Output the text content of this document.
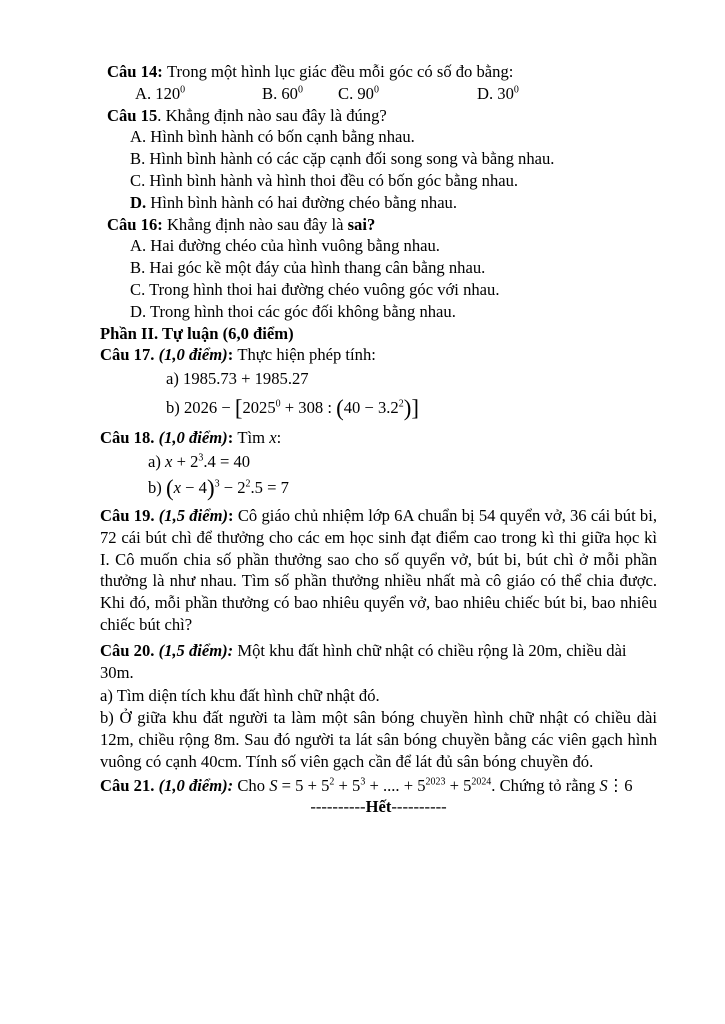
Câu 14: Trong một hình lục giác đều mỗi góc có số đo bằng:

A. $120^0$	B. $60^0$ C. $90^0$	D. $30^0$

Câu 15. Khẳng định nào sau đây là đúng?

A. Hình bình hành có bốn cạnh bằng nhau.

B. Hình bình hành có các cặp cạnh đối song song và bằng nhau.

C. Hình bình hành và hình thoi đều có bốn góc bằng nhau.

D. Hình bình hành có hai đường chéo bằng nhau.

Câu 16: Khẳng định nào sau đây là sai?

A. Hai đường chéo của hình vuông bằng nhau.

B. Hai góc kề một đáy của hình thang cân bằng nhau.

C. Trong hình thoi hai đường chéo vuông góc với nhau.

D. Trong hình thoi các góc đối không bằng nhau.

Phần II. Tự luận (6,0 điểm)

Câu 17. (1,0 điểm): Thực hiện phép tính:

a) 1985.73 + 1985.27

b) $2026 - [2025^0 + 308$ : $(40 - 3.2^2)$]

Câu 18. (1,0 điểm): Tìm x:

a) $x + 2^3.4 = 40$

b) $(x - 4)^3 - 2^2.5 = 7$

Câu 19. (1,5 điểm): Cô giáo chủ nhiệm lớp 6A chuẩn bị 54 quyển vở, 36 cái bút bi, 72 cái bút chì để thưởng cho các em học sinh đạt điểm cao trong kì thi giữa học kì I. Cô muốn chia số phần thưởng sao cho số quyển vở, bút bi, bút chì ở mỗi phần thưởng là như nhau. Tìm số phần thưởng nhiều nhất mà cô giáo có thể chia được. Khi đó, mỗi phần thưởng có bao nhiêu quyển vở, bao nhiêu chiếc bút bi, bao nhiêu chiếc bút chì?

Câu 20. (1,5 điểm): Một khu đất hình chữ nhật có chiều rộng là 20m, chiều dài 30m.

a) Tìm diện tích khu đất hình chữ nhật đó.

b) Ở giữa khu đất người ta làm một sân bóng chuyền hình chữ nhật có chiều dài 12m, chiều rộng 8m. Sau đó người ta lát sân bóng chuyền bằng các viên gạch hình vuông có cạnh 40cm. Tính số viên gạch cần để lát đủ sân bóng chuyền đó.

Câu 21. (1,0 điểm): Cho $S = 5 + 5^2 + 5^3$ + .... + $5^{2023} + 5^{2024}$. Chứng tỏ rằng S⋮6

----------Hết----------
